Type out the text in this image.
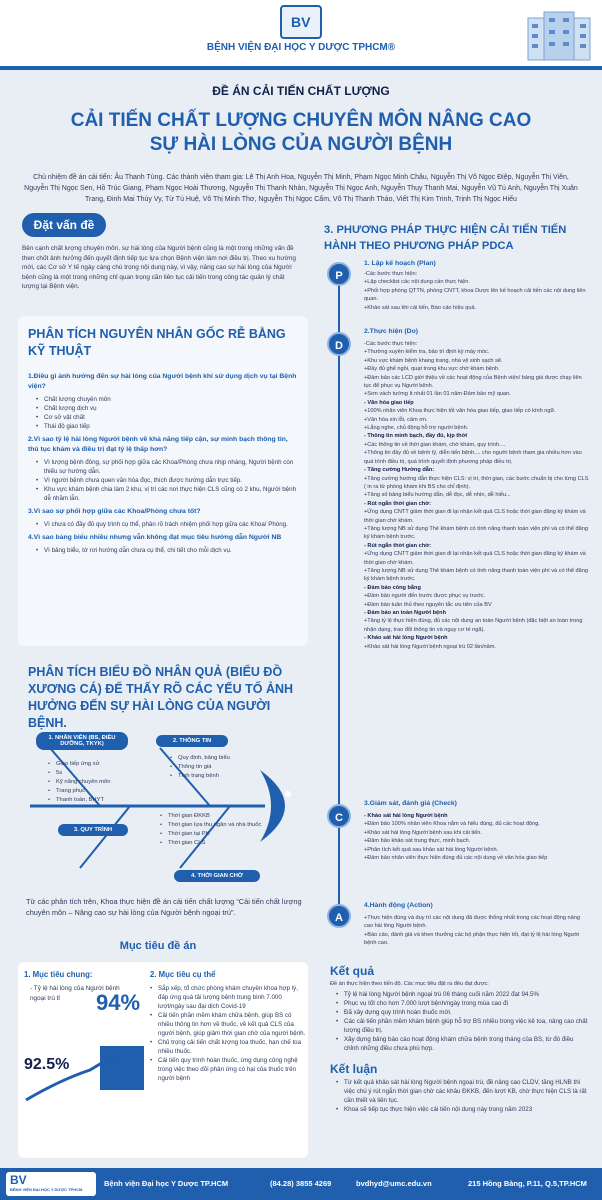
BV
BỆNH VIỆN ĐẠI HỌC Y DƯỢC TPHCM®
ĐỀ ÁN CẢI TIẾN CHẤT LƯỢNG
CẢI TIẾN CHẤT LƯỢNG CHUYÊN MÔN NÂNG CAO
SỰ HÀI LÒNG CỦA NGƯỜI BỆNH
Chủ nhiệm đề án cải tiến: Âu Thanh Tùng. Các thành viên tham gia: Lê Thị Anh Hoa, Nguyễn Thị Minh, Phạm Ngọc Minh Châu, Nguyễn Thị Võ Ngọc Điệp, Nguyễn Thị Viên, Nguyễn Thị Ngọc Sen, Hồ Trúc Giang, Phạm Ngọc Hoài Thương, Nguyễn Thị Thanh Nhàn, Nguyễn Thị Ngọc Anh, Nguyễn Thụy Thanh Mai, Nguyễn Vũ Tú Anh, Nguyễn Thị Xuân Trang, Đinh Mai Thùy Vy, Từ Tú Huệ, Võ Thị Minh Thơ, Nguyễn Thị Ngọc Cẩm, Võ Thị Thanh Thảo, Viết Thị Kim Trinh, Trịnh Thị Ngọc Hiếu
Đặt vấn đề
Bên cạnh chất lượng chuyên môn, sự hài lòng của Người bệnh cũng là một trong những vấn đề then chốt ảnh hưởng đến quyết định tiếp tục lựa chọn Bệnh viện làm nơi điều trị. Theo xu hướng mới, các Cơ sở Y tế ngày càng chú trọng nội dung này, vì vậy, nâng cao sự hài lòng của Người bệnh cũng là một trong những chỉ quan trọng cần liên tục cải tiến trong công tác quản lý chất lượng tại Bệnh viện.
PHÂN TÍCH NGUYÊN NHÂN GỐC RỄ BẰNG KỸ THUẬT
1.Điều gì ảnh hưởng đến sự hài lòng của Người bệnh khi sử dụng dịch vụ tại Bệnh viện?
• Chất lượng chuyên môn
• Chất lượng dịch vụ
• Cơ sở vật chất
• Thái độ giao tiếp
2.Vì sao tỷ lệ hài lòng Người bệnh về khả năng tiếp cận, sự minh bạch thông tin, thủ tục khám và điều trị đạt tỷ lệ thấp hơn?
• Vì lượng bệnh đông, sự phối hợp giữa các Khoa/Phòng chưa nhịp nhàng, Người bệnh còn thiếu sự hướng dẫn.
• Vì người bệnh chưa quen văn hóa đọc, thích được hướng dẫn trực tiếp.
• Khu vực khám bệnh chia làm 2 khu, vị trí các nơi thực hiện CLS cũng có 2 khu, Người bệnh dễ nhầm lẫn.
3.Vì sao sự phối hợp giữa các Khoa/Phòng chưa tốt?
• Vì chưa có đầy đủ quy trình cụ thể, phân rõ trách nhiệm phối hợp giữa các Khoa/ Phòng.
4.Vì sao bảng biểu nhiều nhưng vẫn không đạt mục tiêu hướng dẫn Người NB
• Vì bảng biểu, tờ rơi hướng dẫn chưa cụ thể, chi tiết cho mỗi dịch vụ.
PHÂN TÍCH BIỂU ĐỒ NHÂN QUẢ (BIỂU ĐỒ XƯƠNG CÁ) ĐỂ THẤY RÕ CÁC YẾU TỐ ẢNH HƯỞNG ĐẾN SỰ HÀI LÒNG CỦA NGƯỜI BỆNH.
1. NHÂN VIÊN (BS, ĐIỀU DƯỠNG, TKYK)
• Giao tiếp ứng xử
• 5s
• Kỹ năng chuyên môn
• Trang phục
• Thanh toán, BHYT
2. THÔNG TIN
• Quy định, bảng biểu
• Thông tin giá
• Tình trạng bệnh
3. QUY TRÌNH
• Thời gian ĐKKB
• Thời gian lựa thu ngân và nhà thuốc
• Thời gian tại PK
• Thời gian CLS
4. THỜI GIAN CHỜ
Từ các phân tích trên, Khoa thực hiện đề án cải tiến chất lượng “Cải tiến chất lượng chuyên môn – Nâng cao sự hài lòng của Người bệnh ngoại trú”.
Mục tiêu đề án
1. Mục tiêu chung:
- Tỷ lệ hài lòng của Người bệnh ngoại trú tỉ
2. Mục tiêu cụ thể
• Sắp xếp, tổ chức phòng khám chuyên khoa hợp lý, đáp ứng quá tải lượng bệnh trung bình 7.000 lượt/ngày sau đại dịch Covid-19
• Cải tiến phần mềm khám chữa bệnh, giúp BS có nhiều thông tin hơn về thuốc, về kết quả CLS của người bệnh, giúp giảm thời gian chờ của người bệnh.
• Chủ trọng cải tiến chất lượng toa thuốc, hạn chế toa nhiều thuốc.
• Cải tiến quy trình hoàn thuốc, ứng dụng công nghệ trong việc theo dõi phản ứng có hại của thuốc trên người bệnh
94%
92.5%
3. PHƯƠNG PHÁP THỰC HIỆN CẢI TIẾN TIẾN HÀNH THEO PHƯƠNG PHÁP PDCA
P
1. Lập kế hoạch (Plan)
-Các bước thực hiện:
+Lập checklist các nội dung cần thực hiện.
+Phối hợp phòng QTTN, phòng CNTT, khoa Dược lên kế hoạch cải tiến các nội dung liên quan.
+Khảo sát sau khi cải tiến, Báo cáo hiệu quả.
D
2.Thực hiện (Do)
-Các bước thực hiện:
+Thường xuyên kiểm tra, bảo trì định kỳ máy móc.
+Khu vực khám bệnh khang trang, nhà vệ sinh sạch sẽ.
+Đầy đủ ghế ngồi, quạt trong khu vực chờ khám bệnh.
+Đảm bảo các LCD giới thiệu về các hoạt động của Bệnh viện/ bảng giá được chạy liên tục để phục vụ Người bệnh.
+Sơn vách tường ít nhất 01 lần 01 năm Đảm bảo mỹ quan.
- Văn hóa giao tiếp
+100% nhân viên Khoa thực hiện tốt văn hóa giao tiếp, giao tiếp có kính ngữ.
+Văn hóa xin lỗi, cảm ơn.
+Lắng nghe, chủ động hỗ trợ người bệnh.
- Thông tin minh bạch, đầy đủ, kịp thời
+Các thông tin về thời gian khám, chờ khám, quy trình....
+Thông tin đầy đủ về bệnh lý, diễn tiến bệnh.... cho người bệnh tham gia nhiều hơn vào quá trình điều trị, quá trình quyết định phương pháp điều trị.
- Tăng cường Hướng dẫn:
+Tăng cường hướng dẫn thực hiện CLS: vị trí, thời gian, các bước chuẩn bị cho từng CLS ( in ra từ phòng khám khi BS cho chỉ định).
+Tăng số bảng biểu hướng dẫn, dễ đọc, dễ nhìn, dễ hiểu...
- Rút ngắn thời gian chờ:
+Ứng dụng CNTT giảm thời gian đi lại nhận kết quả CLS hoặc thời gian đăng ký khám và thời gian chờ khám.
+Tăng lượng NB sử dụng Thẻ khám bệnh có tính năng thanh toán viện phí và có thể đăng ký khám bệnh trước.
- Rút ngắn thời gian chờ:
+Ứng dụng CNTT giảm thời gian đi lại nhận kết quả CLS hoặc thời gian đăng ký khám và thời gian chờ khám.
+Tăng lượng NB sử dụng Thẻ khám bệnh có tính năng thanh toán viện phí và có thể đăng ký khám bệnh trước.
- Đảm bảo công bằng
+Đảm bảo người đến trước được phục vụ trước.
+Đảm bảo tuân thủ theo nguyên tắc ưu tiên của BV
- Đảm bảo an toàn Người bệnh
+Tăng tỷ lệ thực hiện đúng, đủ các nội dung an toàn Người bệnh (đặc biệt an toàn trong nhận dạng, trao đổi thông tin và ngụy cơ té ngã).
- Khảo sát hài lòng Người bệnh
+Khảo sát hài lòng Người bệnh ngoại trú 02 lần/năm.
C
3.Giám sát, đánh giá (Check)
- Khảo sát hài lòng Người bệnh
+Đảm bảo 100% nhân viên Khoa nắm và hiểu đúng, đủ các hoạt động.
+Khảo sát hài lòng Người bệnh sau khi cải tiến.
+Đảm bảo khảo sát trung thực, minh bạch.
+Phân tích kết quả sau khảo sát hài lòng Người bệnh.
+Đảm bảo nhân viên thực hiện đúng đủ các nội dung về văn hóa giao tiếp
A
4.Hành động (Action)
+Thực hiện đúng và duy trì các nội dung đã được thống nhất trong các hoạt động nâng cao hài lòng Người bệnh.
+Báo cáo, đánh giá và khen thưởng các bộ phận thực hiện tốt, đạt tỷ lệ hài lòng Người bệnh cao.
Kết quả
Đề án thực hiện theo tiến độ. Các mục tiêu đặt ra đều đạt được:
• Tỷ lệ hài lòng Người bệnh ngoại trú 06 tháng cuối năm 2022 đạt 94.5%
• Phục vụ tốt cho hơn 7.000 lượt bệnh/ngày trong mùa cao đi
• Đã xây dựng quy trình hoàn thuốc mới.
• Các cải tiến phần mềm khám bệnh giúp hỗ trợ BS nhiều trong việc kê toa, nâng cao chất lượng điều trị.
• Xây dựng bảng báo cáo hoạt động khám chữa bệnh trong tháng của BS, từ đó điều chỉnh những điều chưa phù hợp.
Kết luận
• Từ kết quả khảo sát hài lòng Người bệnh ngoại trú, đề nâng cao CLDV, tăng HLNB thì việc chú ý rút ngắn thời gian chờ các khâu ĐKKB, đến lượt KB, chờ thực hiện CLS là rất cần thiết và liên tục.
• Khoa sẽ tiếp tục thực hiện việc cải tiến nội dung này trong năm 2023
BV
BỆNH VIỆN ĐẠI HỌC Y DƯỢC TPHCM
Bệnh viện Đại học Y Dược TP.HCM	(84.28) 3855 4269	bvdhyd@umc.edu.vn	215 Hồng Bàng, P.11, Q.5,TP.HCM
